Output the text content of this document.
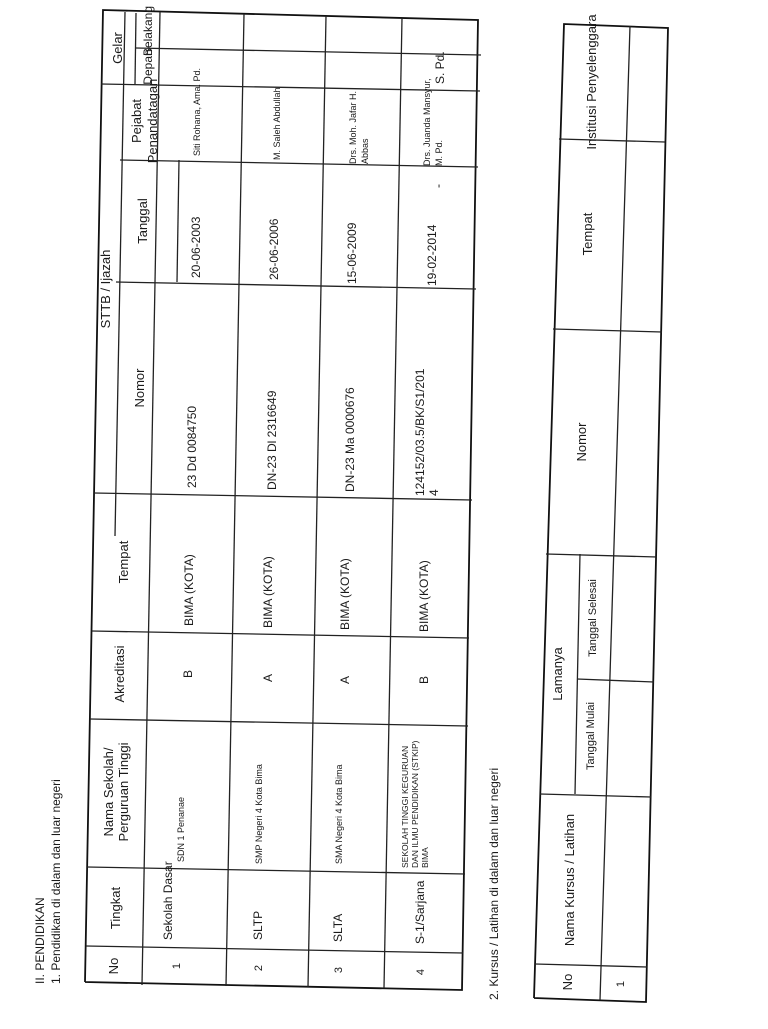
II. PENDIDIKAN 1. Pendidikan di dalam dan luar negeri	No
Tingkat
Nama Sekolah/ Perguruan Tinggi
Akreditasi
Tempat
STTB / Ijazah
Nomor
Tanggal
Pejabat Penandatagan
Gelar
Depan
Belakang
1
Sekolah Dasar
SDN 1 Penanae
B
BIMA (KOTA)
23 Dd 0084750
20-06-2003
Siti Rohana, Ama. Pd.
2
SLTP
SMP Negeri 4 Kota Bima
A
BIMA (KOTA)
DN-23 Dl 2316649
26-06-2006
M. Saleh Abdullah
3
SLTA
SMA Negeri 4 Kota Bima
A
BIMA (KOTA)
DN-23 Ma 0000676
15-06-2009
Drs. Moh. Jafar H. Abbas
4
S-1/Sarjana
SEKOLAH TINGGI KEGURUAN DAN ILMU PENDIDIKAN (STKIP) BIMA
B
BIMA (KOTA)
124152/03.5/BK/S1/201 4
19-02-2014
Drs. Juanda Mansyur, M. Pd.
-
S. Pd.
2. Kursus / Latihan di dalam dan luar negeri	No
Nama Kursus / Latihan
Lamanya
Tanggal Mulai
Tanggal Selesai
Nomor
Tempat
Institusi Penyelenggara
1
